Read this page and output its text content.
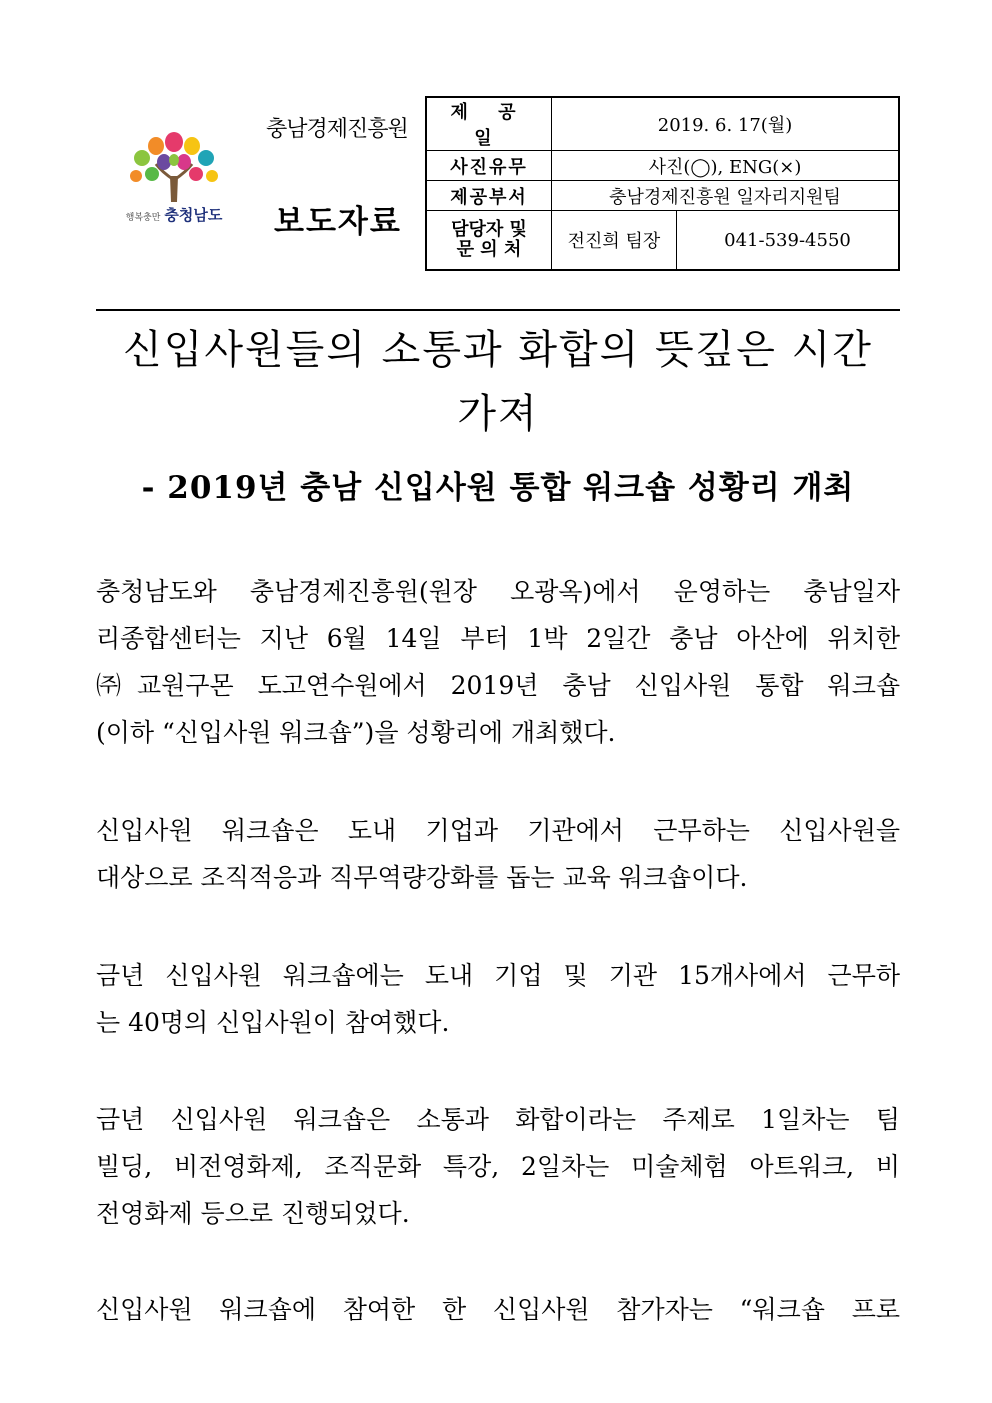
행복충만 충청남도
충남경제진흥원
보도자료
제 공 일	2019. 6. 17(월)	
사진유무	사진(◯), ENG(×)	
제공부서	충남경제진흥원 일자리지원팀	

담당자 및
문 의 처	전진희 팀장	041-539-4550
신입사원들의 소통과 화합의 뜻깊은 시간
가져
- 2019년 충남 신입사원 통합 워크숍 성황리 개최
충청남도와 충남경제진흥원(원장 오광옥)에서 운영하는 충남일자
리종합센터는 지난 6월 14일 부터 1박 2일간 충남 아산에 위치한
㈜교원구몬 도고연수원에서 2019년 충남 신입사원 통합 워크숍
(이하 “신입사원 워크숍”)을 성황리에 개최했다.
신입사원 워크숍은 도내 기업과 기관에서 근무하는 신입사원을
대상으로 조직적응과 직무역량강화를 돕는 교육 워크숍이다.
금년 신입사원 워크숍에는 도내 기업 및 기관 15개사에서 근무하
는 40명의 신입사원이 참여했다.
금년 신입사원 워크숍은 소통과 화합이라는 주제로 1일차는 팀
빌딩, 비전영화제, 조직문화 특강, 2일차는 미술체험 아트워크, 비
전영화제 등으로 진행되었다.
신입사원 워크숍에 참여한 한 신입사원 참가자는 “워크숍 프로
